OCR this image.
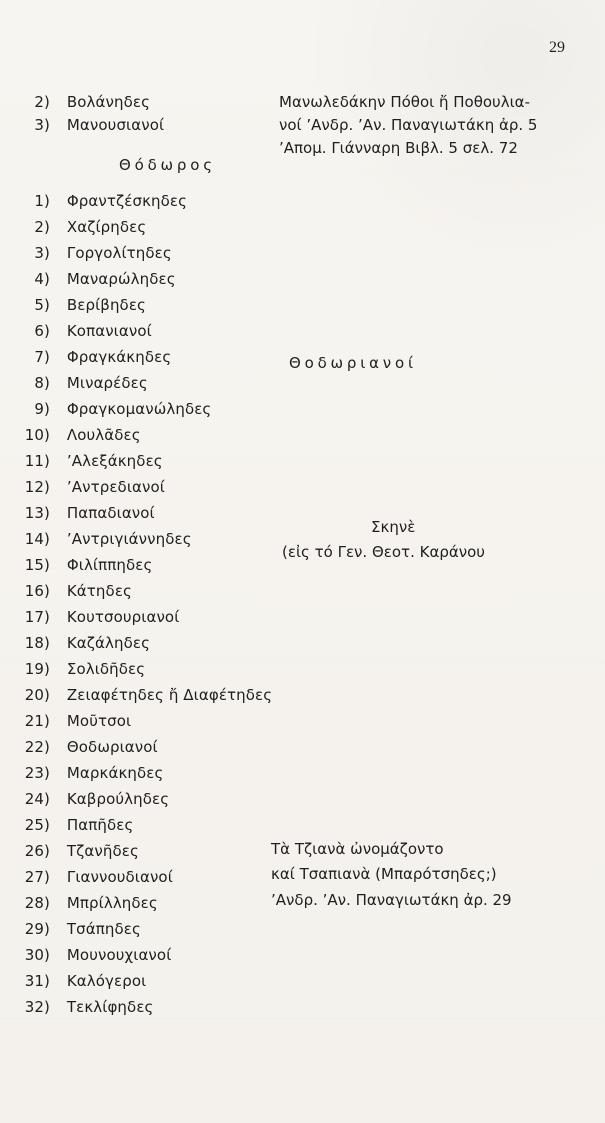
29
2) Βολάνηδες
3) Μανουσιανοί
Μανωλεδάκην Πόθοι ἤ Ποθουλια-
νοί ’Ανδρ. ’Αν. Παναγιωτάκη ἀρ. 5
’Απομ. Γιάνναρη Βιβλ. 5 σελ. 72
Θόδωρος
Θοδωριανοί
1) Φραντζέσκηδες
2) Χαζίρηδες
3) Γοργολίτηδες
4) Μαναρώληδες
5) Βερίβηδες
6) Κοπανιανοί
7) Φραγκάκηδες
8) Μιναρέδες
9) Φραγκομανώληδες
10) Λουλᾶδες
11) ’Αλεξάκηδες
12) ’Αντρεδιανοί
13) Παπαδιανοί
14) ’Αντριγιάννηδες
15) Φιλίππηδες
16) Κάτηδες
17) Κουτσουριανοί
18) Καζάληδες
19) Σολιδῆδες
20) Ζειαφέτηδες ἤ Διαφέτηδες
21) Μοῦτσοι
22) Θοδωριανοί
23) Μαρκάκηδες
24) Καβρούληδες
25) Παπῆδες
26) Τζανῆδες
27) Γιαννουδιανοί
28) Μπρίλληδες
29) Τσάπηδες
30) Μουνουχιανοί
31) Καλόγεροι
32) Τεκλίφηδες
Σκηνὲ
(εἰς τό Γεν. Θεοτ. Καράνου
Τὰ Τζιανὰ ὠνομάζοντο
καί Τσαπιανὰ (Μπαρότσηδες;)
’Ανδρ. ’Αν. Παναγιωτάκη ἀρ. 29
